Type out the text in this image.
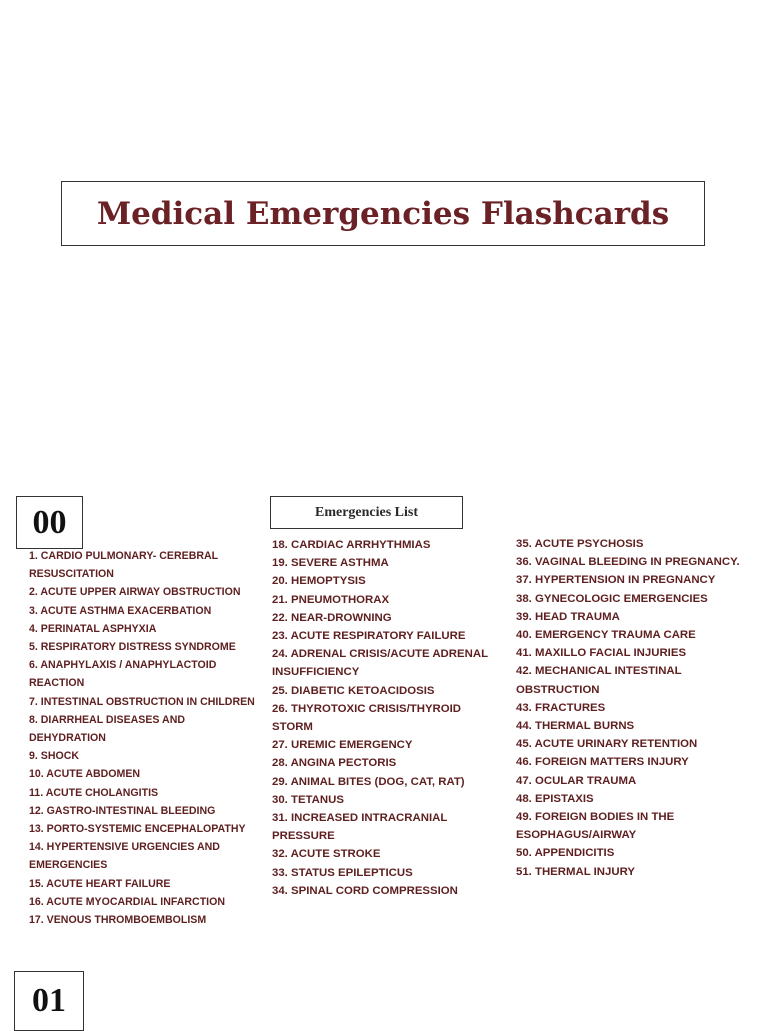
Medical Emergencies Flashcards
00	Emergencies List
1. CARDIO PULMONARY- CEREBRAL RESUSCITATION
2. ACUTE UPPER AIRWAY OBSTRUCTION
3. ACUTE ASTHMA EXACERBATION
4. PERINATAL ASPHYXIA
5. RESPIRATORY DISTRESS SYNDROME
6. ANAPHYLAXIS / ANAPHYLACTOID REACTION
7. INTESTINAL OBSTRUCTION IN CHILDREN
8. DIARRHEAL DISEASES AND DEHYDRATION
9. SHOCK
10. ACUTE ABDOMEN
11. ACUTE CHOLANGITIS
12. GASTRO-INTESTINAL BLEEDING
13. PORTO-SYSTEMIC ENCEPHALOPATHY
14. HYPERTENSIVE URGENCIES AND EMERGENCIES
15. ACUTE HEART FAILURE
16. ACUTE MYOCARDIAL INFARCTION
17. VENOUS THROMBOEMBOLISM
18. CARDIAC ARRHYTHMIAS
19. SEVERE ASTHMA
20. HEMOPTYSIS
21. PNEUMOTHORAX
22. NEAR-DROWNING
23. ACUTE RESPIRATORY FAILURE
24. ADRENAL CRISIS/ACUTE ADRENAL INSUFFICIENCY
25. DIABETIC KETOACIDOSIS
26. THYROTOXIC CRISIS/THYROID STORM
27. UREMIC EMERGENCY
28. ANGINA PECTORIS
29. ANIMAL BITES (DOG, CAT, RAT)
30. TETANUS
31. INCREASED INTRACRANIAL PRESSURE
32. ACUTE STROKE
33. STATUS EPILEPTICUS
34. SPINAL CORD COMPRESSION
35. ACUTE PSYCHOSIS
36. VAGINAL BLEEDING IN PREGNANCY.
37. HYPERTENSION IN PREGNANCY
38. GYNECOLOGIC EMERGENCIES
39. HEAD TRAUMA
40. EMERGENCY TRAUMA CARE
41. MAXILLO FACIAL INJURIES
42. MECHANICAL INTESTINAL OBSTRUCTION
43. FRACTURES
44. THERMAL BURNS
45. ACUTE URINARY RETENTION
46. FOREIGN MATTERS INJURY
47. OCULAR TRAUMA
48. EPISTAXIS
49. FOREIGN BODIES IN THE ESOPHAGUS/AIRWAY
50. APPENDICITIS
51. THERMAL INJURY
01
